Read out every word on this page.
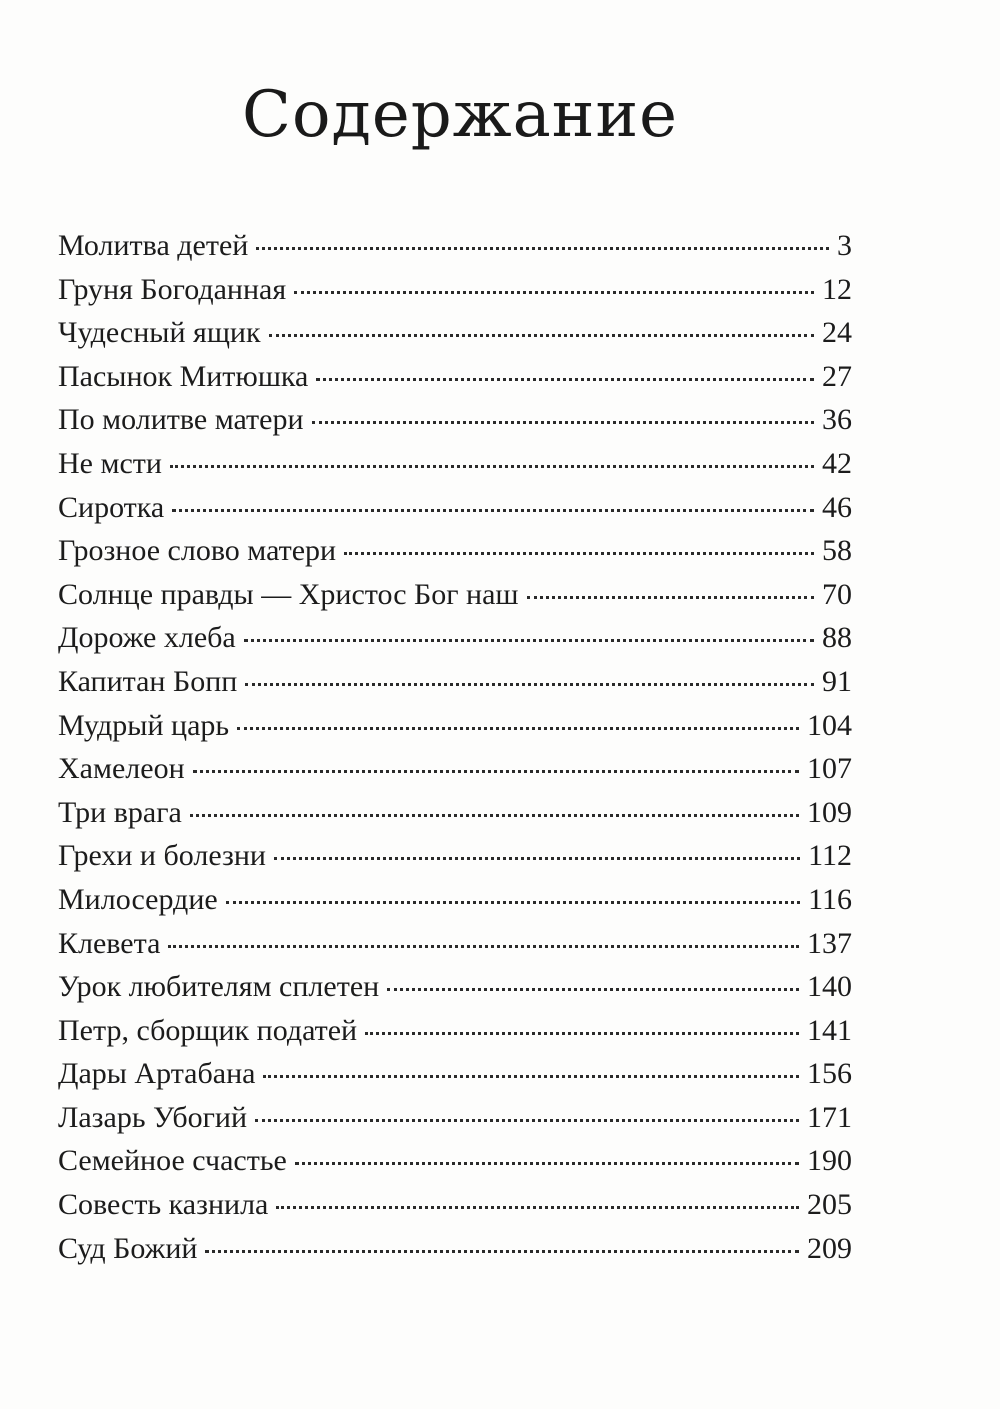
Содержание
Молитва детей	3
Груня Богоданная	12
Чудесный ящик	24
Пасынок Митюшка	27
По молитве матери	36
Не мсти	42
Сиротка	46
Грозное слово матери	58
Солнце правды — Христос Бог наш	70
Дороже хлеба	88
Капитан Бопп	91
Мудрый царь	104
Хамелеон	107
Три врага	109
Грехи и болезни	112
Милосердие	116
Клевета	137
Урок любителям сплетен	140
Петр, сборщик податей	141
Дары Артабана	156
Лазарь Убогий	171
Семейное счастье	190
Совесть казнила	205
Суд Божий	209
